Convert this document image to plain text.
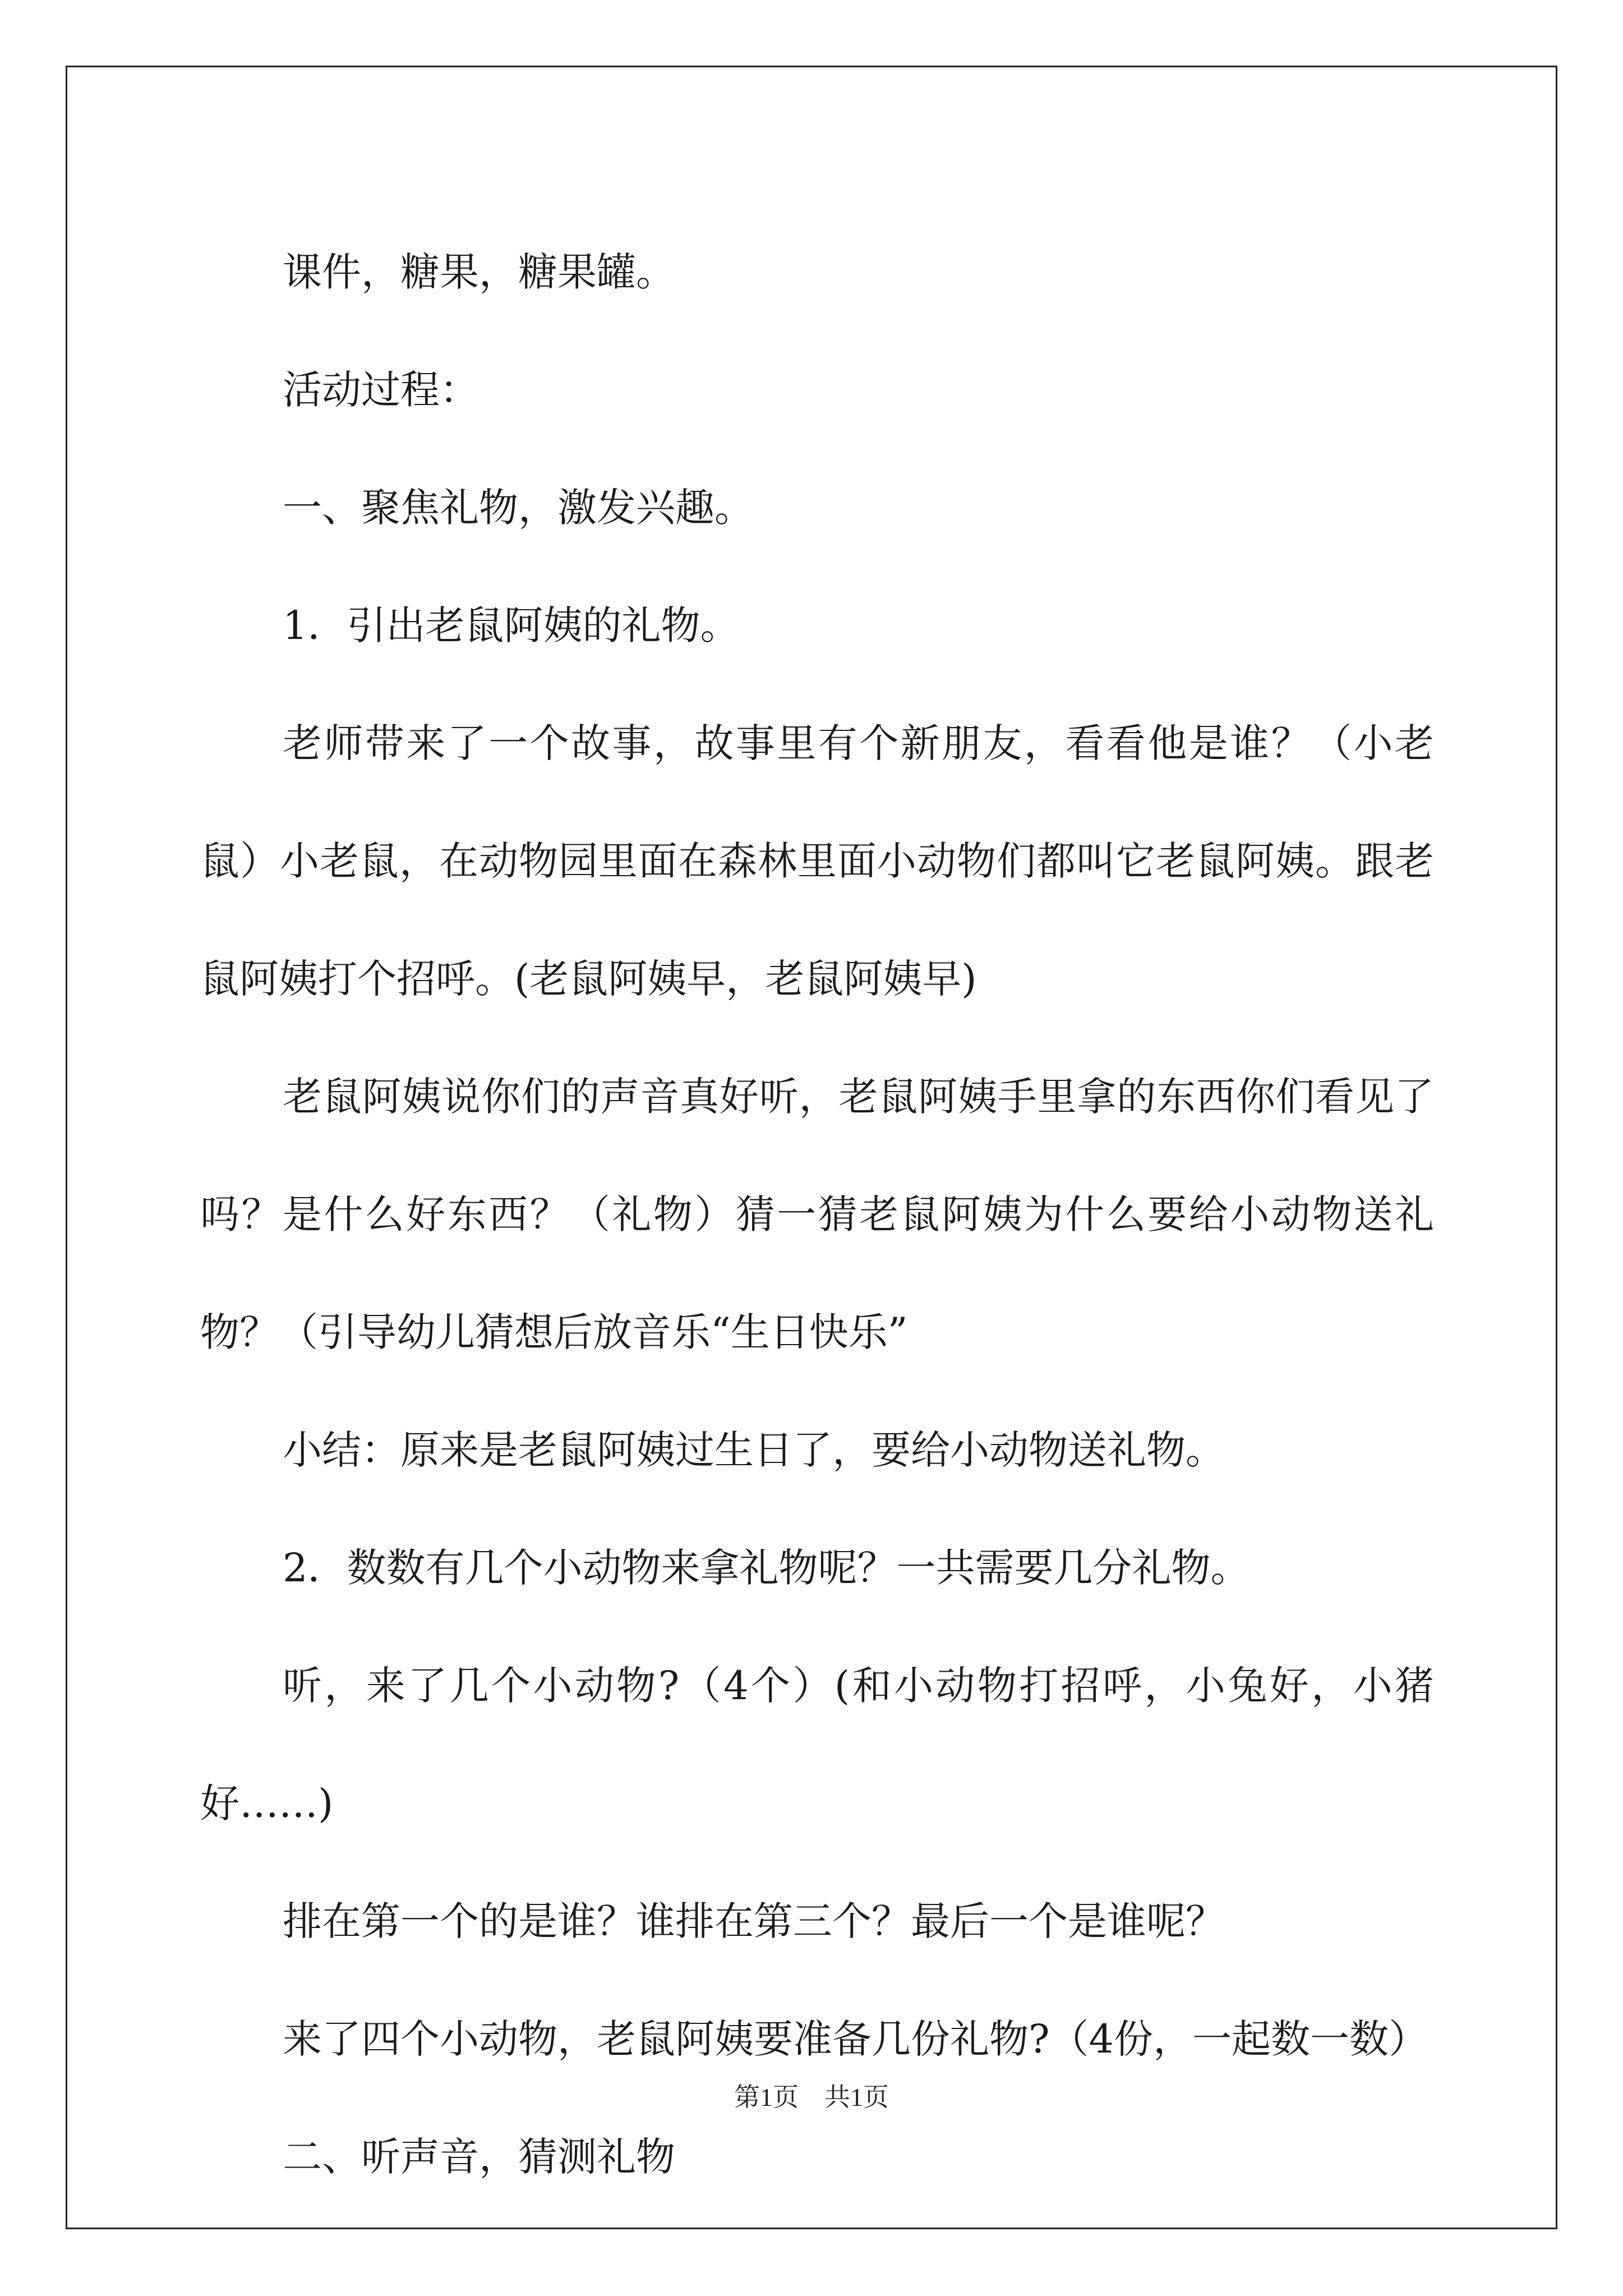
课件，糖果，糖果罐。

活动过程：

一、聚焦礼物，激发兴趣。

1．引出老鼠阿姨的礼物。

老师带来了一个故事，故事里有个新朋友，看看他是谁？（小老鼠）小老鼠，在动物园里面在森林里面小动物们都叫它老鼠阿姨。跟老鼠阿姨打个招呼。(老鼠阿姨早，老鼠阿姨早)

老鼠阿姨说你们的声音真好听，老鼠阿姨手里拿的东西你们看见了吗？是什么好东西？（礼物）猜一猜老鼠阿姨为什么要给小动物送礼物？（引导幼儿猜想后放音乐“生日快乐”

小结：原来是老鼠阿姨过生日了，要给小动物送礼物。

2．数数有几个小动物来拿礼物呢？一共需要几分礼物。

听，来了几个小动物?（4个）(和小动物打招呼，小兔好，小猪好……)

排在第一个的是谁？谁排在第三个？最后一个是谁呢？

来了四个小动物，老鼠阿姨要准备几份礼物?（4份，一起数一数）

二、听声音，猜测礼物

第1页　共1页
